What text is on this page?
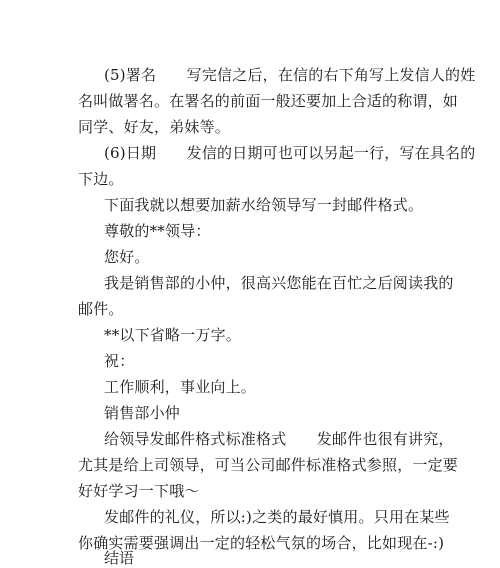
(5)署名　　写完信之后，在信的右下角写上发信人的姓
名叫做署名。在署名的前面一般还要加上合适的称谓，如
同学、好友，弟妹等。
(6)日期　　发信的日期可也可以另起一行，写在具名的
下边。
下面我就以想要加薪水给领导写一封邮件格式。
尊敬的**领导：
您好。
我是销售部的小仲，很高兴您能在百忙之后阅读我的
邮件。
**以下省略一万字。
祝：
工作顺利，事业向上。
销售部小仲
给领导发邮件格式标准格式　　发邮件也很有讲究，
尤其是给上司领导，可当公司邮件标准格式参照，一定要
好好学习一下哦～
发邮件的礼仪，所以:)之类的最好慎用。只用在某些
你确实需要强调出一定的轻松气氛的场合，比如现在-:)
结语
